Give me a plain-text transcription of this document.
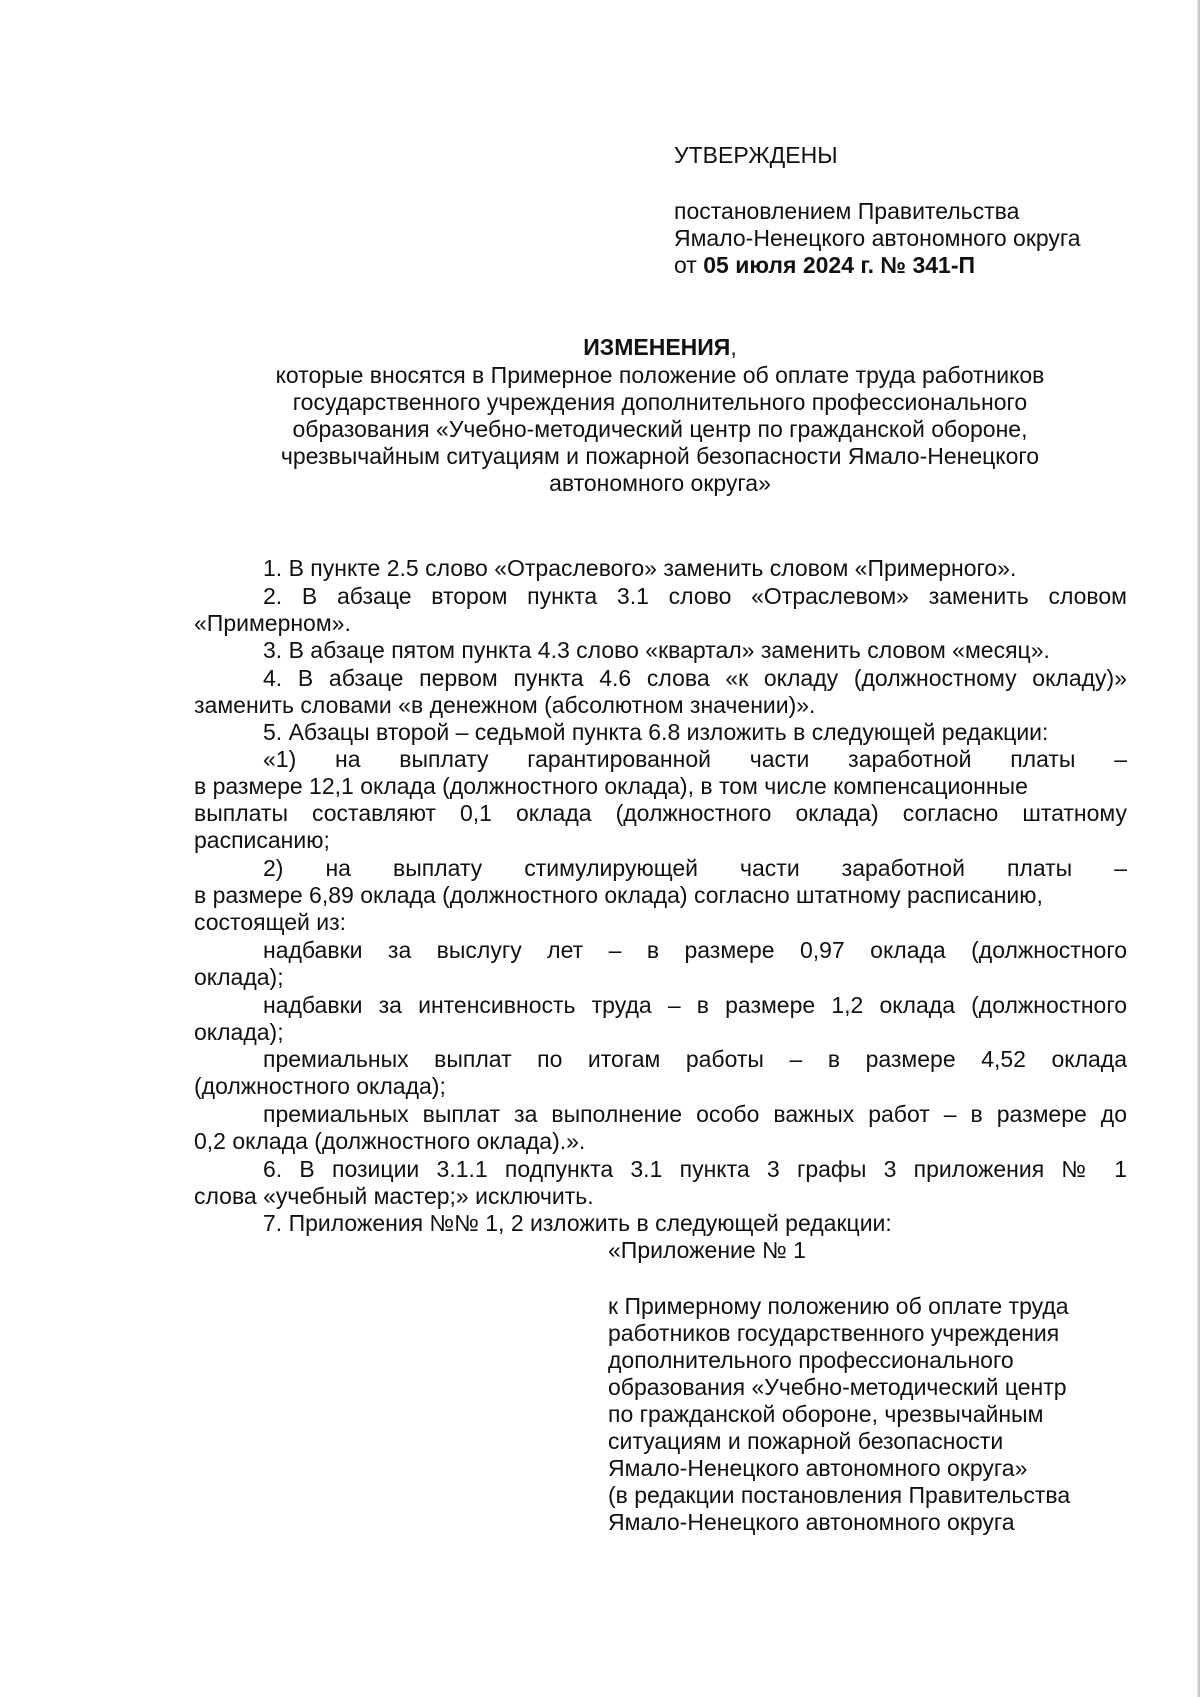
УТВЕРЖДЕНЫ
постановлением Правительства
Ямало-Ненецкого автономного округа
от 05 июля 2024 г. № 341-П
ИЗМЕНЕНИЯ,
которые вносятся в Примерное положение об оплате труда работников
государственного учреждения дополнительного профессионального
образования «Учебно-методический центр по гражданской обороне,
чрезвычайным ситуациям и пожарной безопасности Ямало-Ненецкого
автономного округа»
1. В пункте 2.5 слово «Отраслевого» заменить словом «Примерного».
2. В абзаце втором пункта 3.1 слово «Отраслевом» заменить словом
«Примерном».
3. В абзаце пятом пункта 4.3 слово «квартал» заменить словом «месяц».
4. В абзаце первом пункта 4.6 слова «к окладу (должностному окладу)»
заменить словами «в денежном (абсолютном значении)».
5. Абзацы второй – седьмой пункта 6.8 изложить в следующей редакции:
«1) на выплату гарантированной части заработной платы –
в размере 12,1 оклада (должностного оклада), в том числе компенсационные
выплаты составляют 0,1 оклада (должностного оклада) согласно штатному
расписанию;
2) на выплату стимулирующей части заработной платы –
в размере 6,89 оклада (должностного оклада) согласно штатному расписанию,
состоящей из:
надбавки за выслугу лет – в размере 0,97 оклада (должностного
оклада);
надбавки за интенсивность труда – в размере 1,2 оклада (должностного
оклада);
премиальных выплат по итогам работы – в размере 4,52 оклада
(должностного оклада);
премиальных выплат за выполнение особо важных работ – в размере до
0,2 оклада (должностного оклада).».
6. В позиции 3.1.1 подпункта 3.1 пункта 3 графы 3 приложения № 1
слова «учебный мастер;» исключить.
7. Приложения №№ 1, 2 изложить в следующей редакции:
«Приложение № 1
к Примерному положению об оплате труда
работников государственного учреждения
дополнительного профессионального
образования «Учебно-методический центр
по гражданской обороне, чрезвычайным
ситуациям и пожарной безопасности
Ямало-Ненецкого автономного округа»
(в редакции постановления Правительства
Ямало-Ненецкого автономного округа
